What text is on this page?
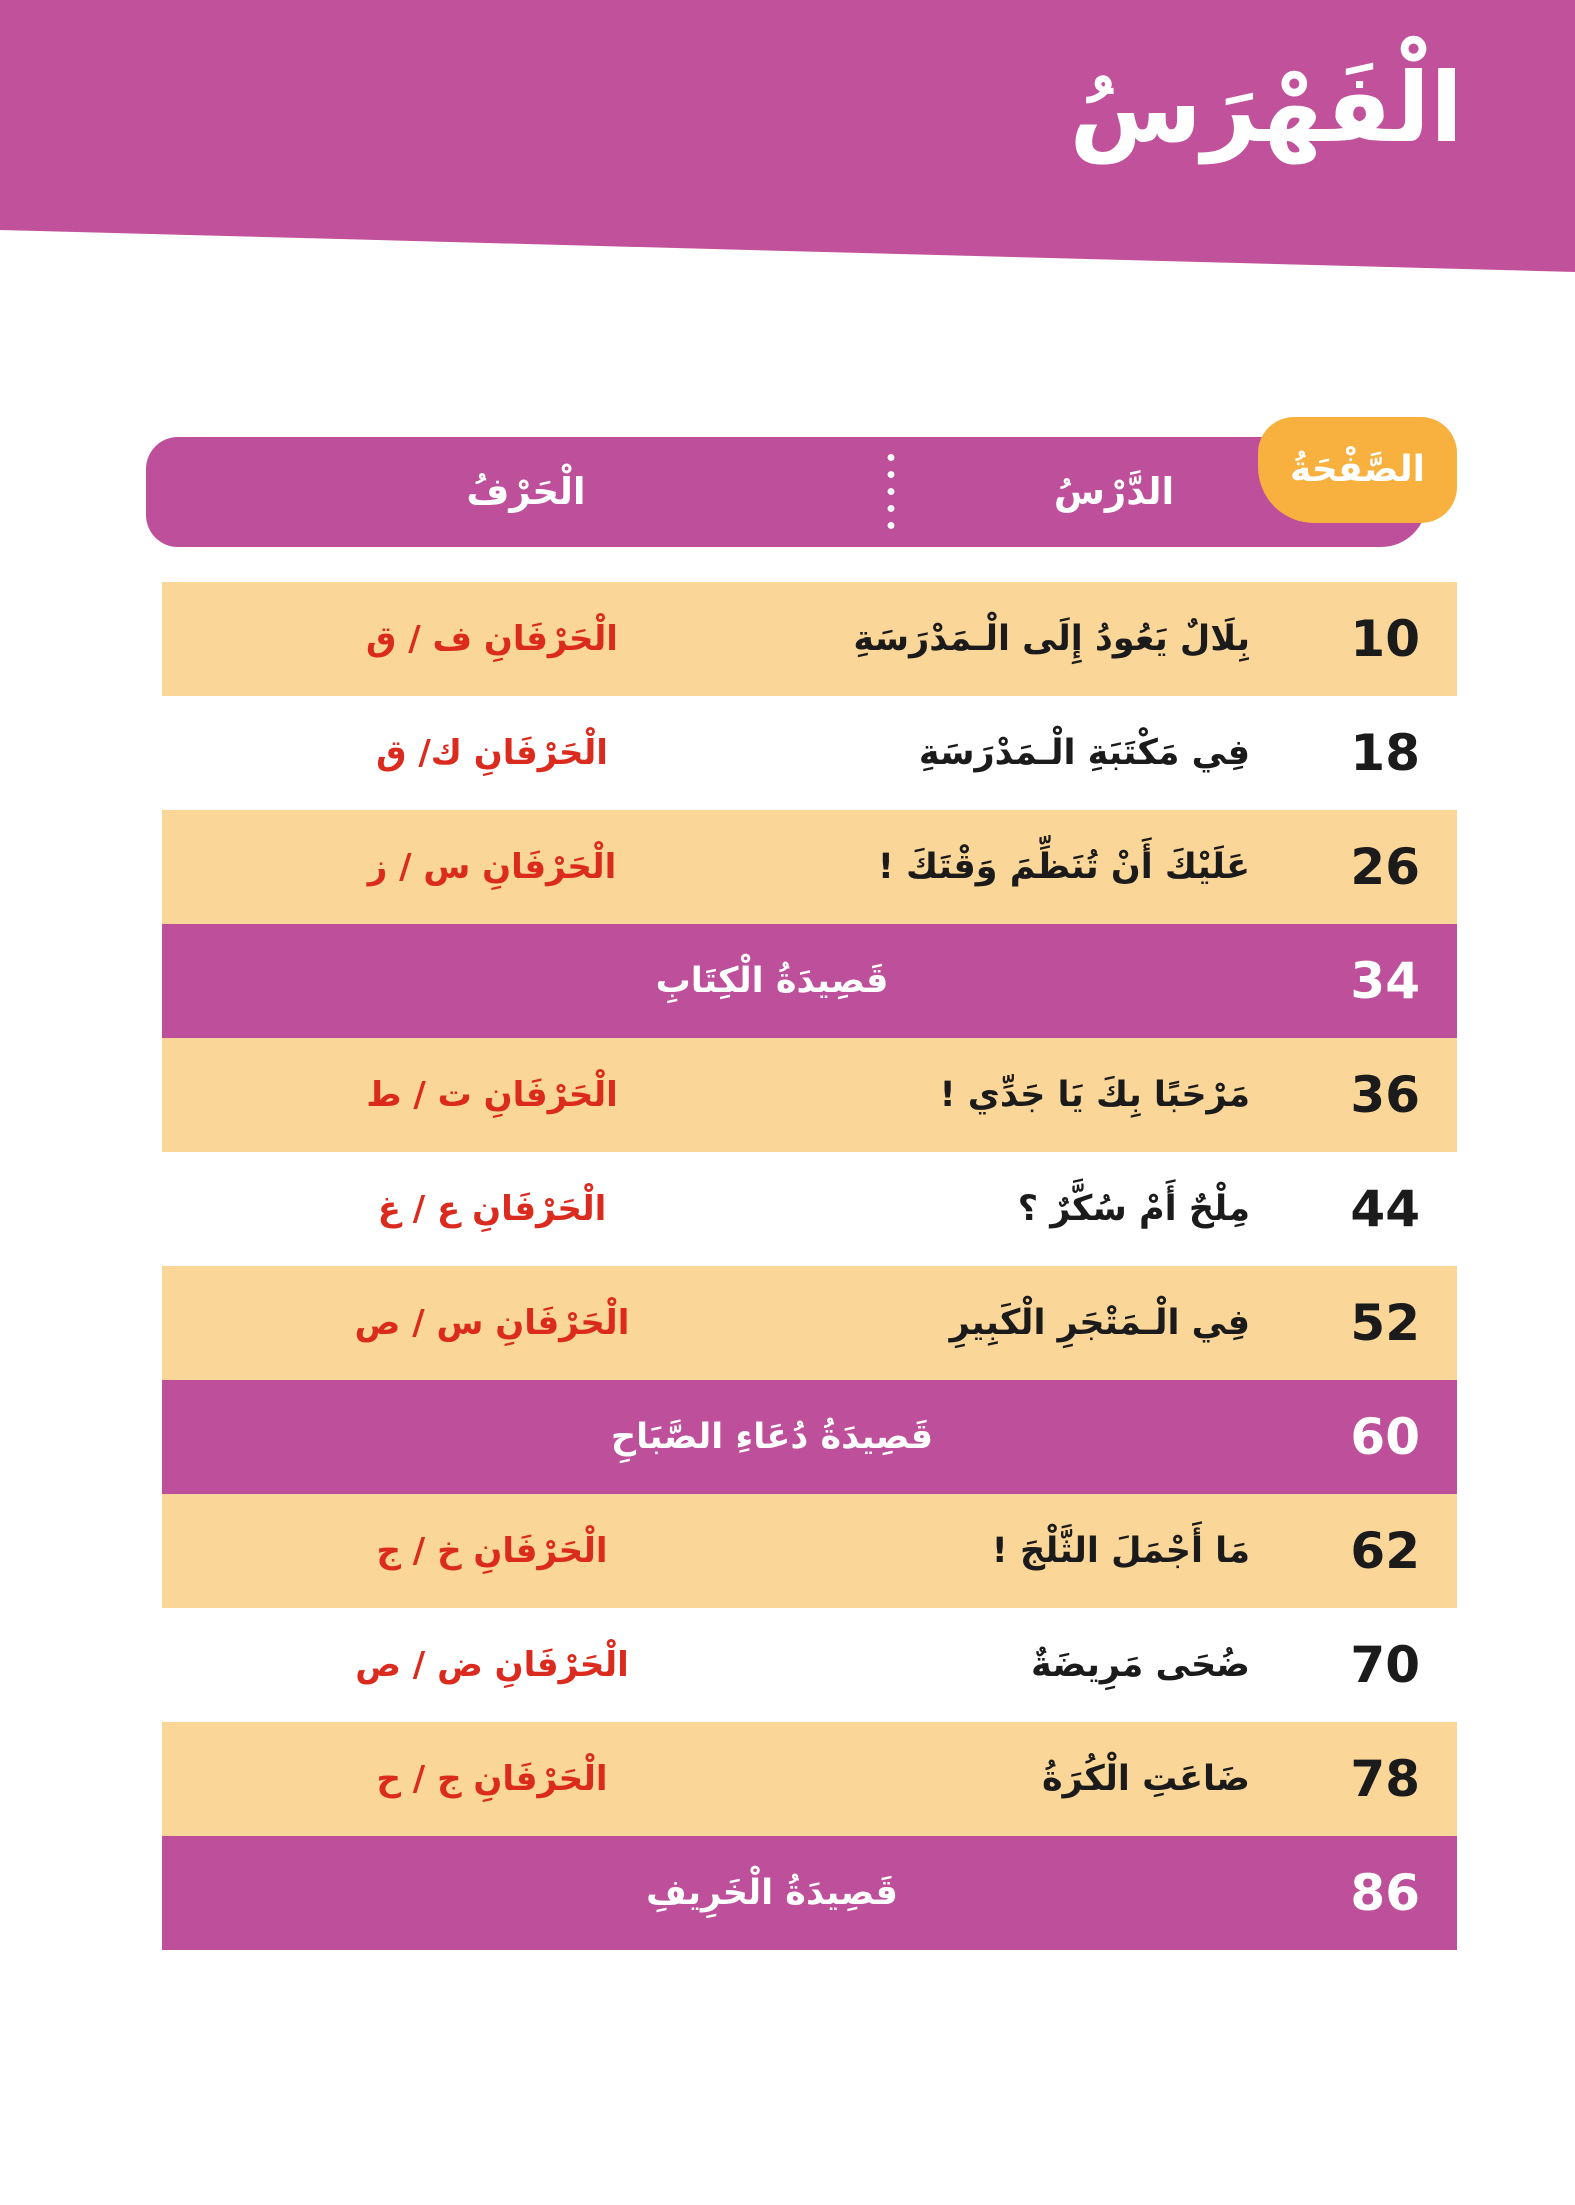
الْفَهْرَسُ
الْحَرْفُ	الدَّرْسُ
الصَّفْحَةُ
10
بِلَالٌ يَعُودُ إِلَى الْـمَدْرَسَةِ
الْحَرْفَانِ ف / ق
18
فِي مَكْتَبَةِ الْـمَدْرَسَةِ
الْحَرْفَانِ ك/ ق
26
عَلَيْكَ أَنْ تُنَظِّمَ وَقْتَكَ !
الْحَرْفَانِ س / ز
34
قَصِيدَةُ الْكِتَابِ
36
مَرْحَبًا بِكَ يَا جَدِّي !
الْحَرْفَانِ ت / ط
44
مِلْحٌ أَمْ سُكَّرٌ ؟
الْحَرْفَانِ ع / غ
52
فِي الْـمَتْجَرِ الْكَبِيرِ
الْحَرْفَانِ س / ص
60
قَصِيدَةُ دُعَاءِ الصَّبَاحِ
62
مَا أَجْمَلَ الثَّلْجَ !
الْحَرْفَانِ خ / ج
70
ضُحَى مَرِيضَةٌ
الْحَرْفَانِ ض / ص
78
ضَاعَتِ الْكُرَةُ
الْحَرْفَانِ ج / ح
86
قَصِيدَةُ الْخَرِيفِ
